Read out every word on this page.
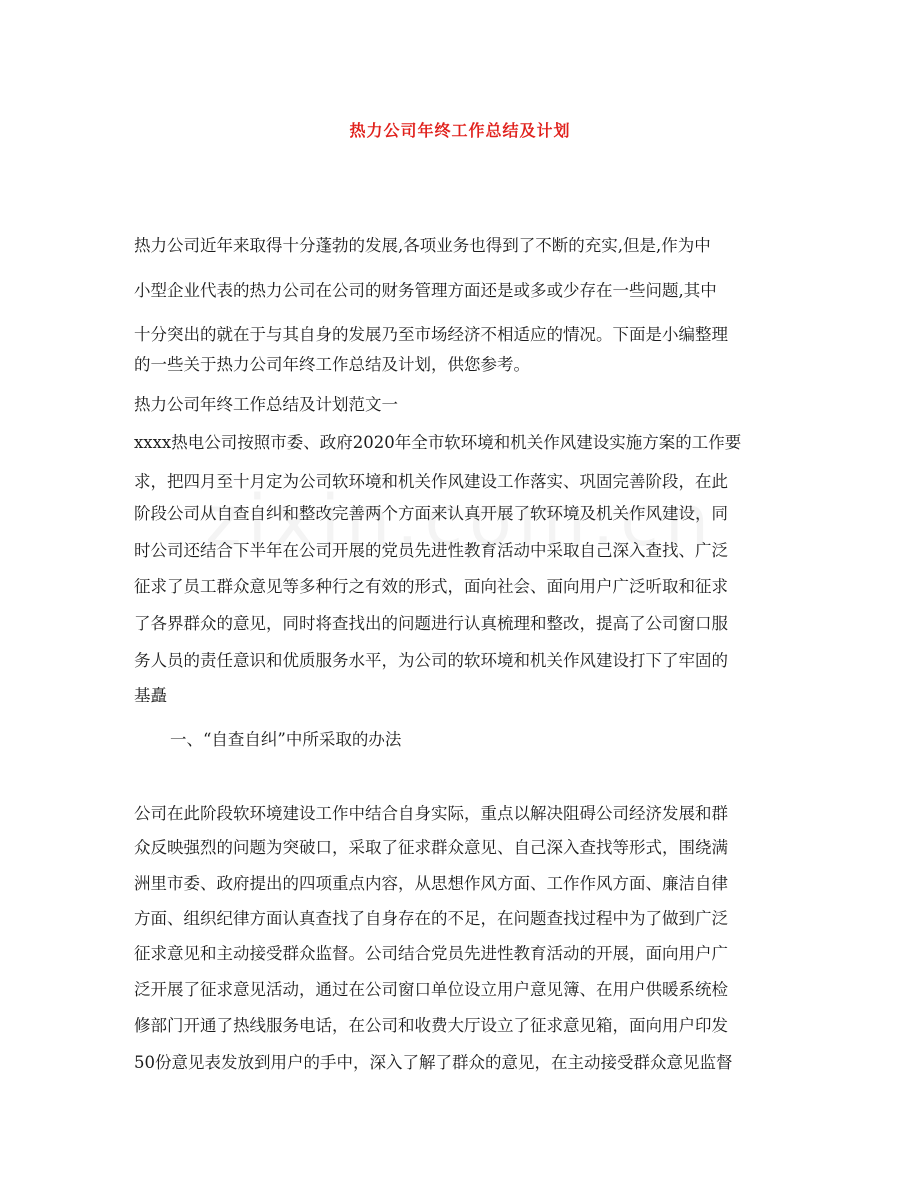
热力公司年终工作总结及计划
热力公司近年来取得十分蓬勃的发展,各项业务也得到了不断的充实,但是,作为中
小型企业代表的热力公司在公司的财务管理方面还是或多或少存在一些问题,其中
十分突出的就在于与其自身的发展乃至市场经济不相适应的情况。下面是小编整理
的一些关于热力公司年终工作总结及计划，供您参考。
热力公司年终工作总结及计划范文一
xxxx热电公司按照市委、政府2020年全市软环境和机关作风建设实施方案的工作要
求，把四月至十月定为公司软环境和机关作风建设工作落实、巩固完善阶段，在此
阶段公司从自查自纠和整改完善两个方面来认真开展了软环境及机关作风建设，同
时公司还结合下半年在公司开展的党员先进性教育活动中采取自己深入查找、广泛
征求了员工群众意见等多种行之有效的形式，面向社会、面向用户广泛听取和征求
了各界群众的意见，同时将查找出的问题进行认真梳理和整改，提高了公司窗口服
务人员的责任意识和优质服务水平，为公司的软环境和机关作风建设打下了牢固的
基矗
一、“自查自纠”中所采取的办法
公司在此阶段软环境建设工作中结合自身实际，重点以解决阻碍公司经济发展和群
众反映强烈的问题为突破口，采取了征求群众意见、自己深入查找等形式，围绕满
洲里市委、政府提出的四项重点内容，从思想作风方面、工作作风方面、廉洁自律
方面、组织纪律方面认真查找了自身存在的不足，在问题查找过程中为了做到广泛
征求意见和主动接受群众监督。公司结合党员先进性教育活动的开展，面向用户广
泛开展了征求意见活动，通过在公司窗口单位设立用户意见簿、在用户供暖系统检
修部门开通了热线服务电话，在公司和收费大厅设立了征求意见箱，面向用户印发
50份意见表发放到用户的手中，深入了解了群众的意见，在主动接受群众意见监督
